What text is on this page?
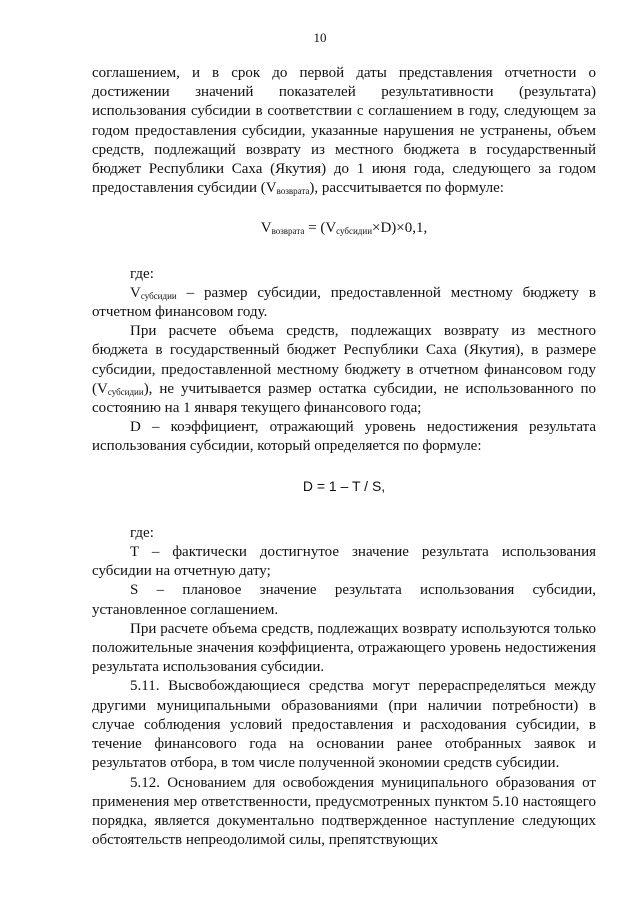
10

соглашением, и в срок до первой даты представления отчетности о достижении значений показателей результативности (результата) использования субсидии в соответствии с соглашением в году, следующем за годом предоставления субсидии, указанные нарушения не устранены, объем средств, подлежащий возврату из местного бюджета в государственный бюджет Республики Саха (Якутия) до 1 июня года, следующего за годом предоставления субсидии $(V_{возврата})$, рассчитывается по формуле:

$V_{возврата} = (V_{субсидии}\times D)\times 0,1$,

где:

$V_{субсидии}$ – размер субсидии, предоставленной местному бюджету в отчетном финансовом году.

При расчете объема средств, подлежащих возврату из местного бюджета в государственный бюджет Республики Саха (Якутия), в размере субсидии, предоставленной местному бюджету в отчетном финансовом году $(V_{субсидии})$, не учитывается размер остатка субсидии, не использованного по состоянию на 1 января текущего финансового года;

D – коэффициент, отражающий уровень недостижения результата использования субсидии, который определяется по формуле:

D = 1 – T / S,

где:

T – фактически достигнутое значение результата использования субсидии на отчетную дату;

S – плановое значение результата использования субсидии, установленное соглашением.

При расчете объема средств, подлежащих возврату используются только положительные значения коэффициента, отражающего уровень недостижения результата использования субсидии.

5.11. Высвобождающиеся средства могут перераспределяться между другими муниципальными образованиями (при наличии потребности) в случае соблюдения условий предоставления и расходования субсидии, в течение финансового года на основании ранее отобранных заявок и результатов отбора, в том числе полученной экономии средств субсидии.

5.12. Основанием для освобождения муниципального образования от применения мер ответственности, предусмотренных пунктом 5.10 настоящего порядка, является документально подтвержденное наступление следующих обстоятельств непреодолимой силы, препятствующих
